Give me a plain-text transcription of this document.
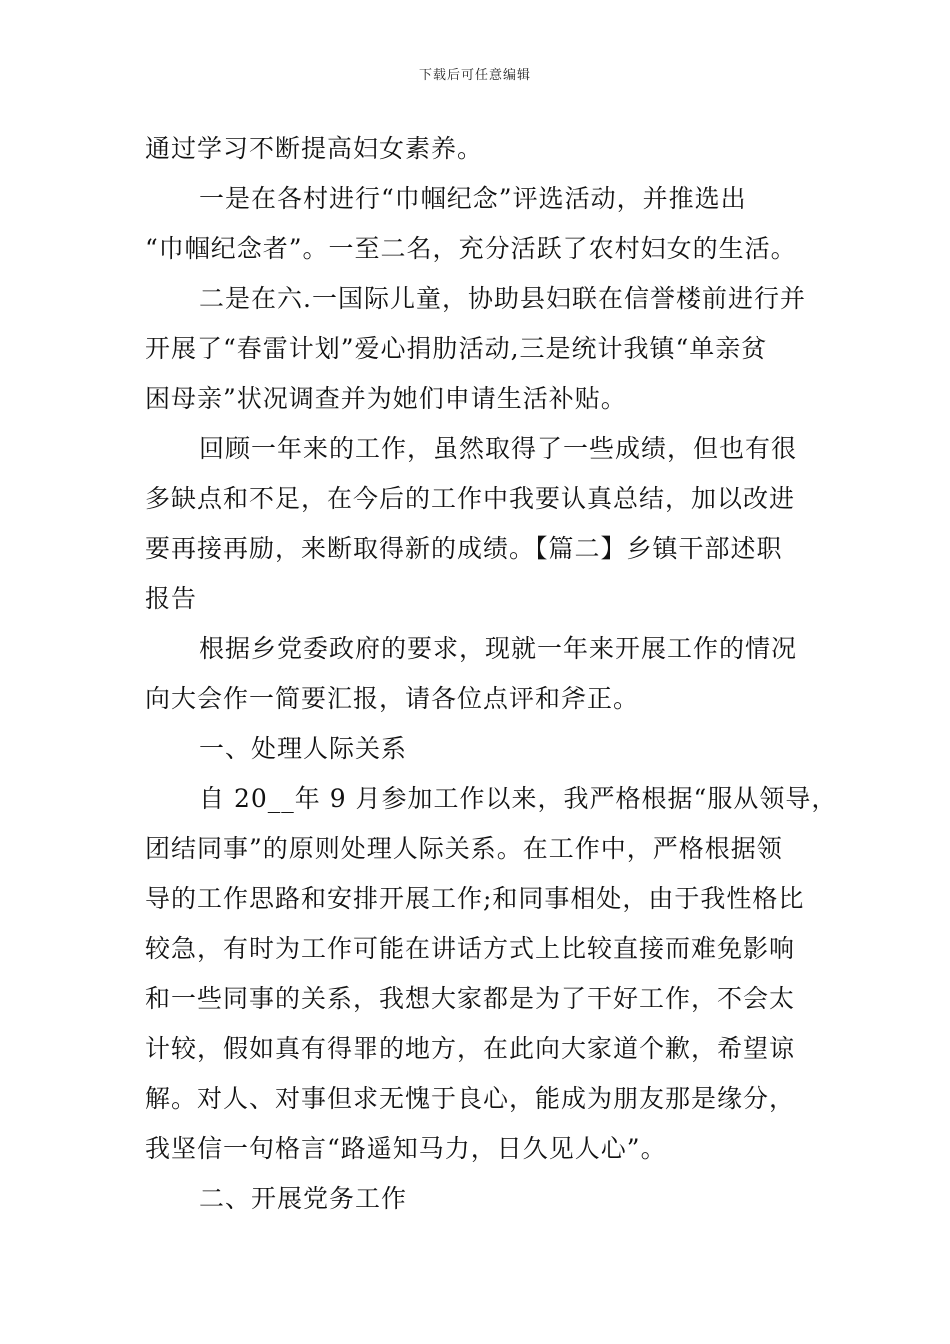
下载后可任意编辑

通过学习不断提高妇女素养。

一是在各村进行“巾帼纪念”评选活动，并推选出
“巾帼纪念者”。一至二名，充分活跃了农村妇女的生活。

二是在六.一国际儿童，协助县妇联在信誉楼前进行并
开展了“春雷计划”爱心捐肋活动,三是统计我镇“单亲贫
困母亲”状况调查并为她们申请生活补贴。

回顾一年来的工作，虽然取得了一些成绩，但也有很
多缺点和不足，在今后的工作中我要认真总结，加以改进
要再接再励，来断取得新的成绩。【篇二】乡镇干部述职
报告

根据乡党委政府的要求，现就一年来开展工作的情况
向大会作一简要汇报，请各位点评和斧正。

一、处理人际关系

自 20__年 9 月参加工作以来，我严格根据“服从领导，
团结同事”的原则处理人际关系。在工作中，严格根据领
导的工作思路和安排开展工作;和同事相处，由于我性格比
较急，有时为工作可能在讲话方式上比较直接而难免影响
和一些同事的关系，我想大家都是为了干好工作，不会太
计较，假如真有得罪的地方，在此向大家道个歉，希望谅
解。对人、对事但求无愧于良心，能成为朋友那是缘分，
我坚信一句格言“路遥知马力，日久见人心”。

二、开展党务工作
